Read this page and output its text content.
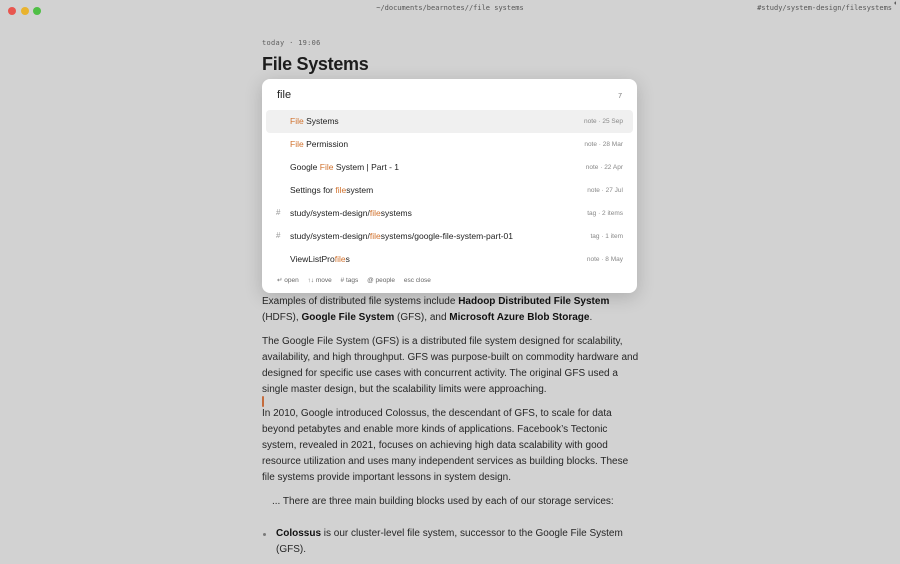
~/documents/bearnotes//file systems	#study/system-design/filesystems
◐
today · 19:06
File Systems
Examples of distributed file systems include Hadoop Distributed File System (HDFS), Google File System (GFS), and Microsoft Azure Blob Storage.
The Google File System (GFS) is a distributed file system designed for scalability, availability, and high throughput. GFS was purpose-built on commodity hardware and designed for specific use cases with concurrent activity. The original GFS used a single master design, but the scalability limits were approaching.
In 2010, Google introduced Colossus, the descendant of GFS, to scale for data beyond petabytes and enable more kinds of applications. Facebook’s Tectonic system, revealed in 2021, focuses on achieving high data scalability with good resource utilization and uses many independent services as building blocks. These file systems provide important lessons in system design.
... There are three main building blocks used by each of our storage services:
Colossus is our cluster-level file system, successor to the Google File System (GFS).
file	7
File Systems	note · 25 Sep
File Permission	note · 28 Mar
Google File System | Part - 1	note · 22 Apr
Settings for filesystem	note · 27 Jul
# study/system-design/filesystems	tag · 2 items
# study/system-design/filesystems/google-file-system-part-01	tag · 1 item
ViewListProfiles	note · 8 May
↵ open ↑↓ move # tags @ people esc close
